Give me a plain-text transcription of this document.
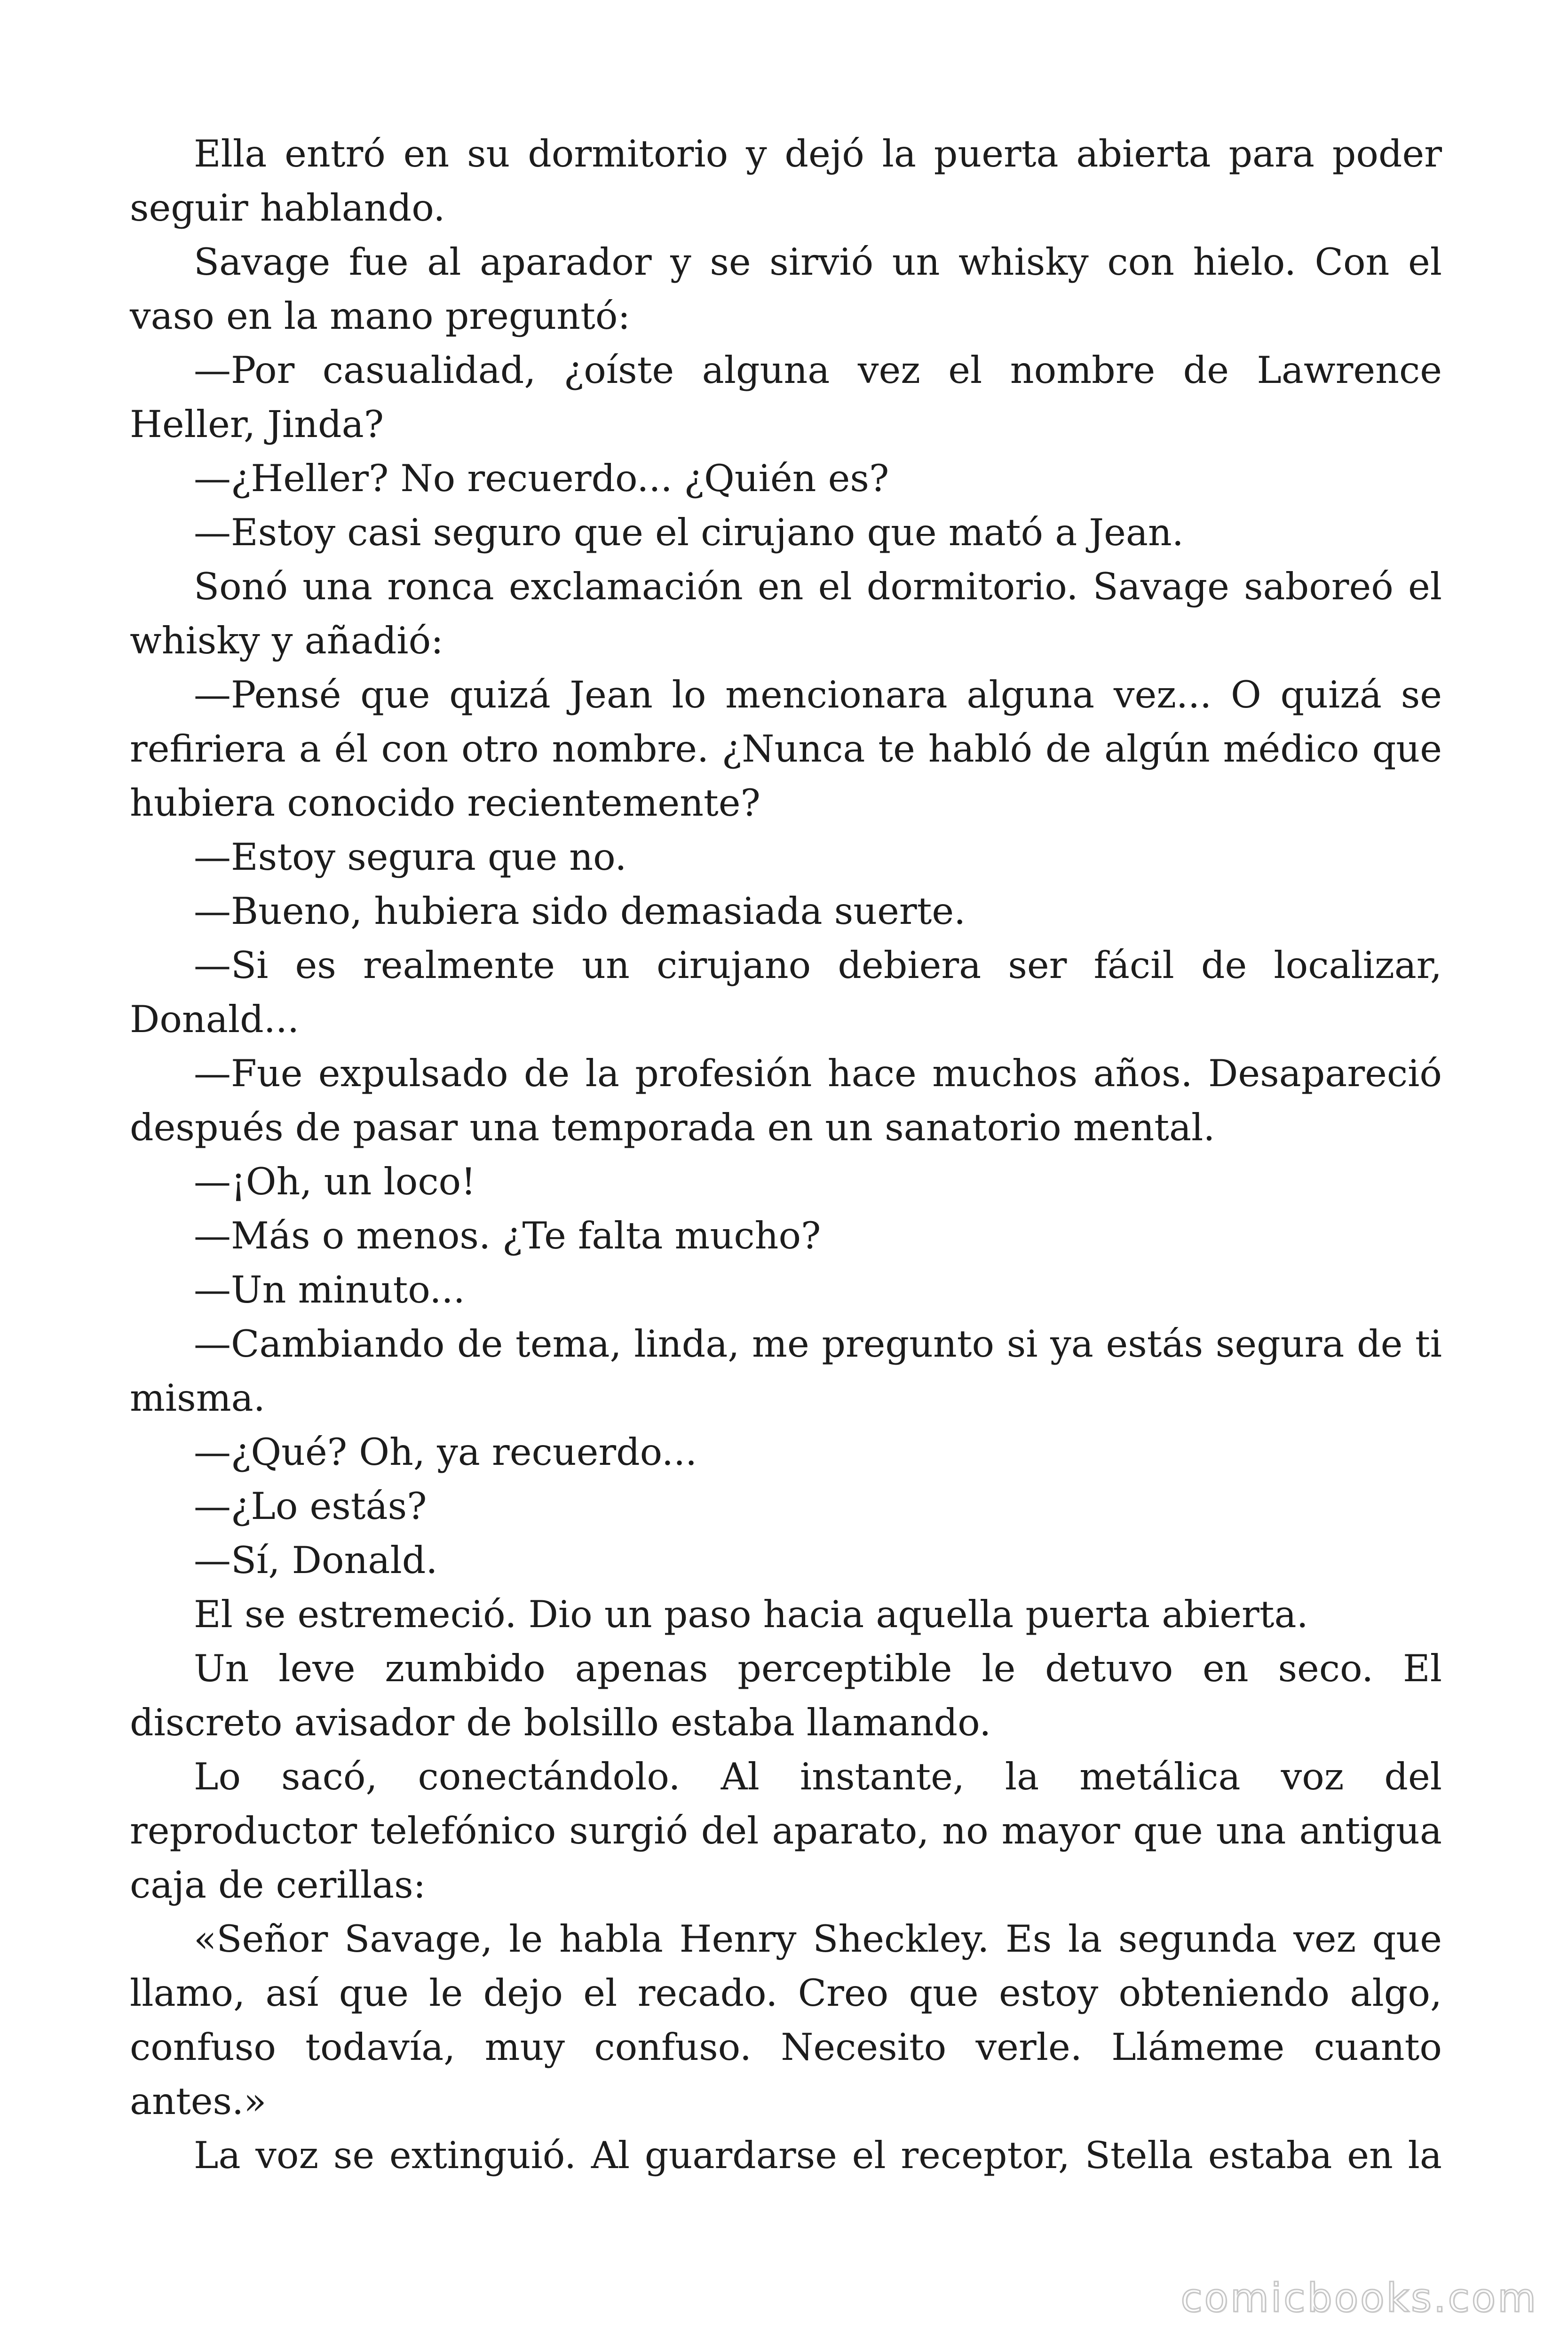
Ella entró en su dormitorio y dejó la puerta abierta para poder seguir hablando.

Savage fue al aparador y se sirvió un whisky con hielo. Con el vaso en la mano preguntó:

—Por casualidad, ¿oíste alguna vez el nombre de Lawrence Heller, Jinda?

—¿Heller? No recuerdo... ¿Quién es?

—Estoy casi seguro que el cirujano que mató a Jean.

Sonó una ronca exclamación en el dormitorio. Savage saboreó el whisky y añadió:

—Pensé que quizá Jean lo mencionara alguna vez... O quizá se refiriera a él con otro nombre. ¿Nunca te habló de algún médico que hubiera conocido recientemente?

—Estoy segura que no.

—Bueno, hubiera sido demasiada suerte.

—Si es realmente un cirujano debiera ser fácil de localizar, Donald...

—Fue expulsado de la profesión hace muchos años. Desapareció después de pasar una temporada en un sanatorio mental.

—¡Oh, un loco!

—Más o menos. ¿Te falta mucho?

—Un minuto...

—Cambiando de tema, linda, me pregunto si ya estás segura de ti misma.

—¿Qué? Oh, ya recuerdo...

—¿Lo estás?

—Sí, Donald.

El se estremeció. Dio un paso hacia aquella puerta abierta.

Un leve zumbido apenas perceptible le detuvo en seco. El discreto avisador de bolsillo estaba llamando.

Lo sacó, conectándolo. Al instante, la metálica voz del reproductor telefónico surgió del aparato, no mayor que una antigua caja de cerillas:

«Señor Savage, le habla Henry Sheckley. Es la segunda vez que llamo, así que le dejo el recado. Creo que estoy obteniendo algo, confuso todavía, muy confuso. Necesito verle. Llámeme cuanto antes.»

La voz se extinguió. Al guardarse el receptor, Stella estaba en la

comicbooks.com
